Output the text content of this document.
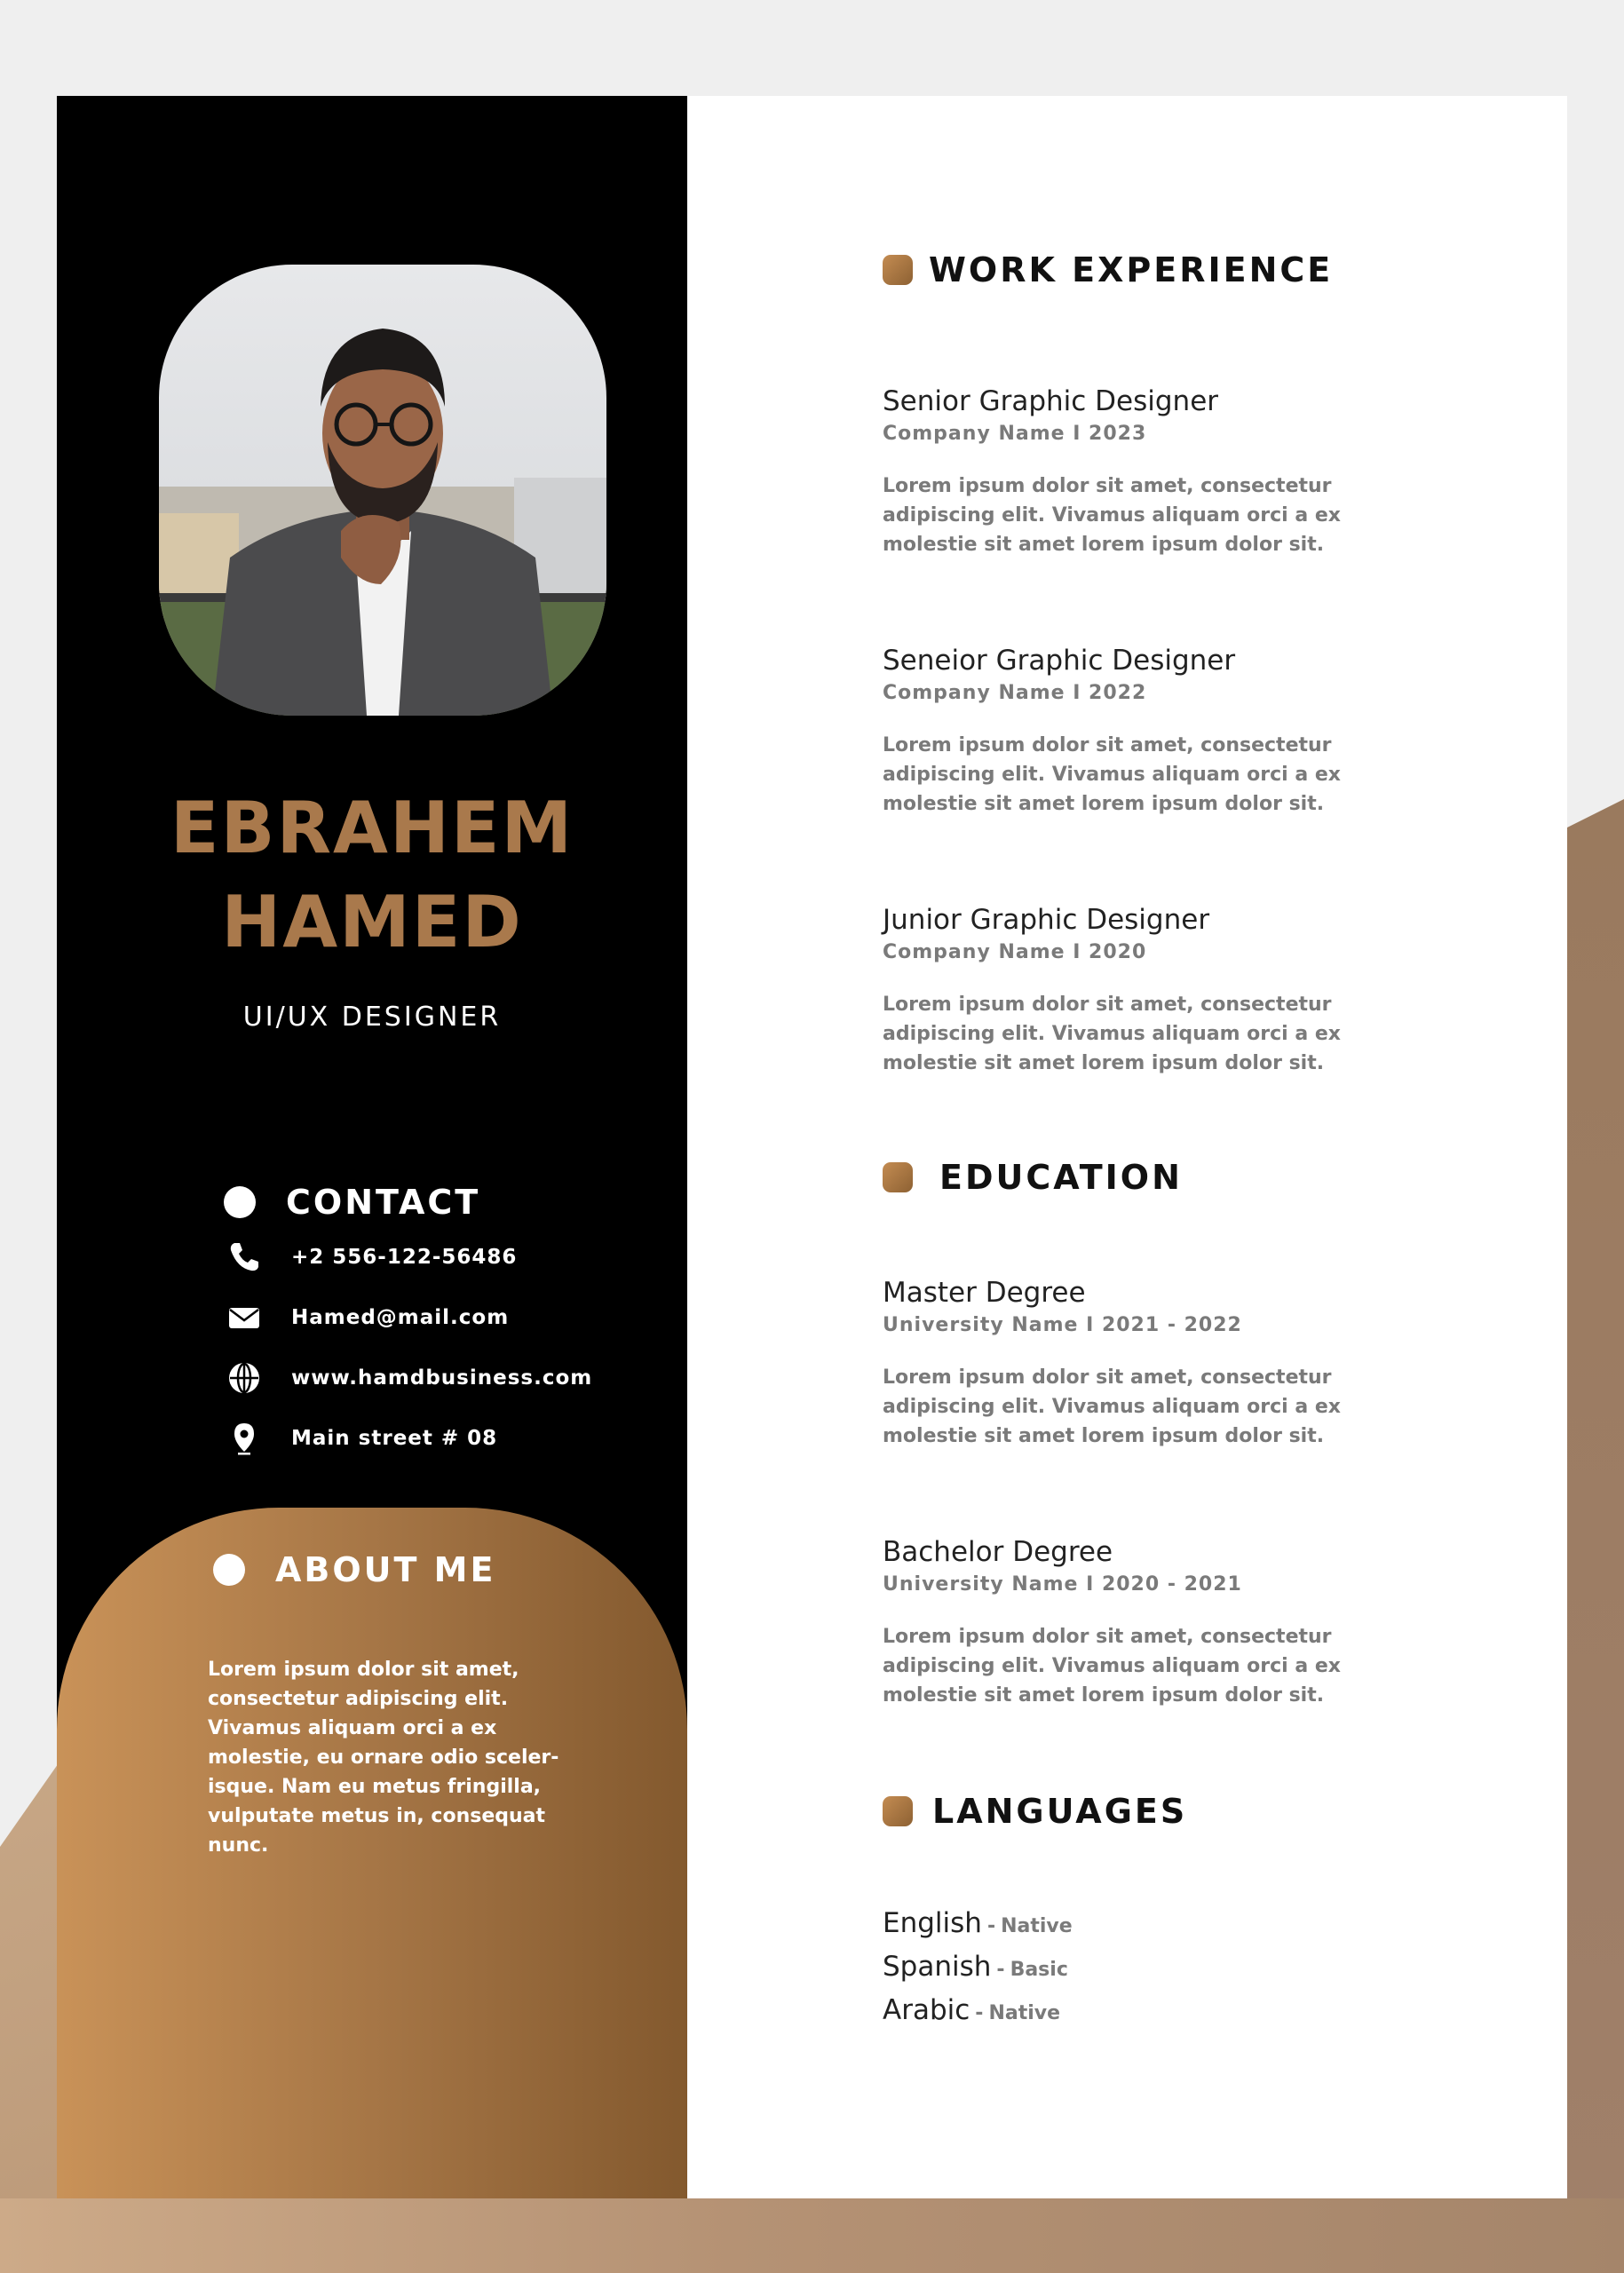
EBRAHEM
HAMED
UI/UX DESIGNER
CONTACT
+2 556-122-56486
Hamed@mail.com
www.hamdbusiness.com
Main street # 08
ABOUT ME
Lorem ipsum dolor sit amet,
consectetur adipiscing elit.
Vivamus aliquam orci a ex
molestie, eu ornare odio sceler-
isque. Nam eu metus fringilla,
vulputate metus in, consequat
nunc.
WORK EXPERIENCE
Senior Graphic Designer
Company Name I 2023
Lorem ipsum dolor sit amet, consectetur
adipiscing elit. Vivamus aliquam orci a ex
molestie sit amet lorem ipsum dolor sit.
Seneior Graphic Designer
Company Name I 2022
Lorem ipsum dolor sit amet, consectetur
adipiscing elit. Vivamus aliquam orci a ex
molestie sit amet lorem ipsum dolor sit.
Junior Graphic Designer
Company Name I 2020
Lorem ipsum dolor sit amet, consectetur
adipiscing elit. Vivamus aliquam orci a ex
molestie sit amet lorem ipsum dolor sit.
EDUCATION
Master Degree
University Name I 2021 - 2022
Lorem ipsum dolor sit amet, consectetur
adipiscing elit. Vivamus aliquam orci a ex
molestie sit amet lorem ipsum dolor sit.
Bachelor Degree
University Name I 2020 - 2021
Lorem ipsum dolor sit amet, consectetur
adipiscing elit. Vivamus aliquam orci a ex
molestie sit amet lorem ipsum dolor sit.
LANGUAGES
English - Native
Spanish - Basic
Arabic - Native
